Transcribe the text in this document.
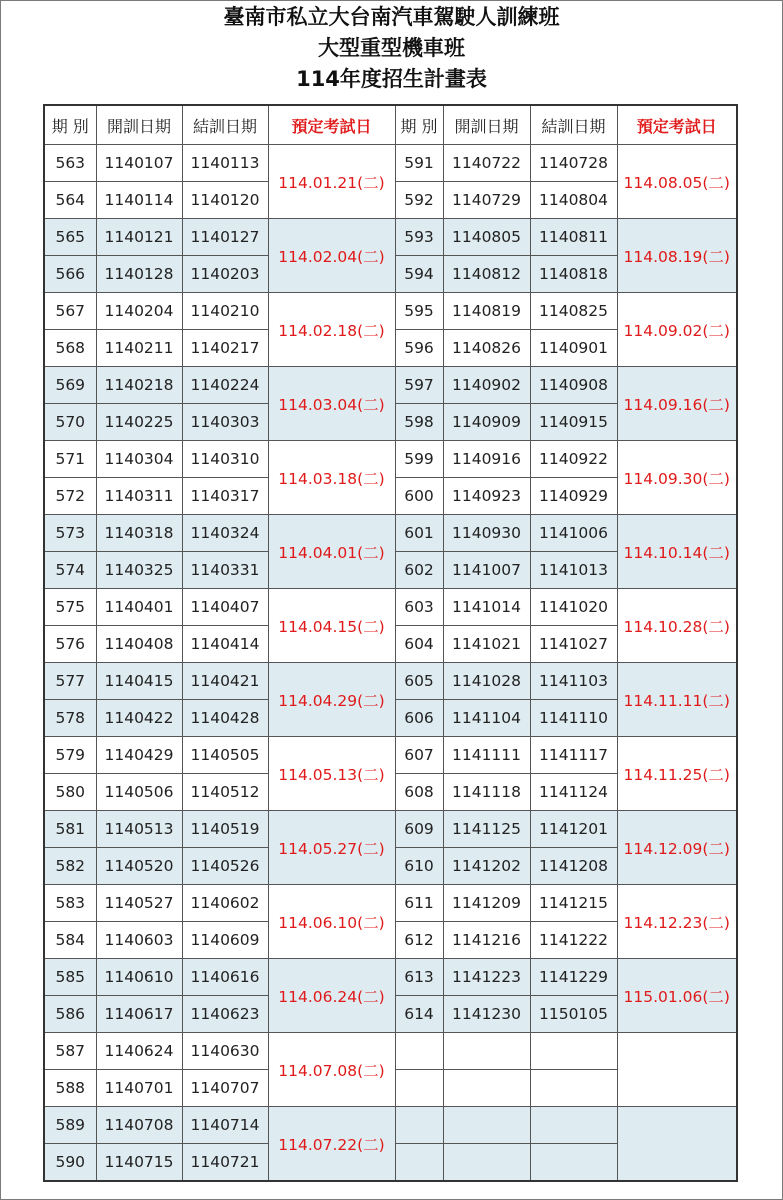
臺南市私立大台南汽車駕駛人訓練班
大型重型機車班
114年度招生計畫表
期 別	開訓日期	結訓日期	預定考試日	期 別	開訓日期	結訓日期	預定考試日
563	1140107	1140113	114.01.21(二)	591	1140722	1140728	114.08.05(二)
564	1140114	1140120		592	1140729	1140804	
565	1140121	1140127	114.02.04(二)	593	1140805	1140811	114.08.19(二)
566	1140128	1140203		594	1140812	1140818	
567	1140204	1140210	114.02.18(二)	595	1140819	1140825	114.09.02(二)
568	1140211	1140217		596	1140826	1140901	
569	1140218	1140224	114.03.04(二)	597	1140902	1140908	114.09.16(二)
570	1140225	1140303		598	1140909	1140915	
571	1140304	1140310	114.03.18(二)	599	1140916	1140922	114.09.30(二)
572	1140311	1140317		600	1140923	1140929	
573	1140318	1140324	114.04.01(二)	601	1140930	1141006	114.10.14(二)
574	1140325	1140331		602	1141007	1141013	
575	1140401	1140407	114.04.15(二)	603	1141014	1141020	114.10.28(二)
576	1140408	1140414		604	1141021	1141027	
577	1140415	1140421	114.04.29(二)	605	1141028	1141103	114.11.11(二)
578	1140422	1140428		606	1141104	1141110	
579	1140429	1140505	114.05.13(二)	607	1141111	1141117	114.11.25(二)
580	1140506	1140512		608	1141118	1141124	
581	1140513	1140519	114.05.27(二)	609	1141125	1141201	114.12.09(二)
582	1140520	1140526		610	1141202	1141208	
583	1140527	1140602	114.06.10(二)	611	1141209	1141215	114.12.23(二)
584	1140603	1140609		612	1141216	1141222	
585	1140610	1140616	114.06.24(二)	613	1141223	1141229	115.01.06(二)
586	1140617	1140623		614	1141230	1150105	
587	1140624	1140630	114.07.08(二)				
588	1140701	1140707					
589	1140708	1140714	114.07.22(二)				
590	1140715	1140721					
